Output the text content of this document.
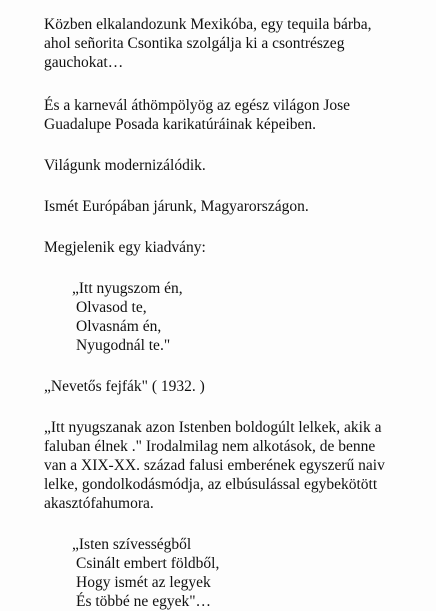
Közben elkalandozunk Mexikóba, egy tequila bárba,
ahol señorita Csontika szolgálja ki a csontrészeg
gauchokat…

És a karnevál áthömpölyög az egész világon Jose
Guadalupe Posada karikatúráinak képeiben.

Világunk modernizálódik.

Ismét Európában járunk, Magyarországon.

Megjelenik egy kiadvány:

„Itt nyugszom én,
Olvasod te,
Olvasnám én,
Nyugodnál te."

„Nevetős fejfák" ( 1932. )

„Itt nyugszanak azon Istenben boldogúlt lelkek, akik a
faluban élnek ." Irodalmilag nem alkotások, de benne
van a XIX-XX. század falusi emberének egyszerű naiv
lelke, gondolkodásmódja, az elbúsulással egybekötött
akasztófahumora.

„Isten szívességből
Csinált embert földből,
Hogy ismét az legyek
És többé ne egyek"…
